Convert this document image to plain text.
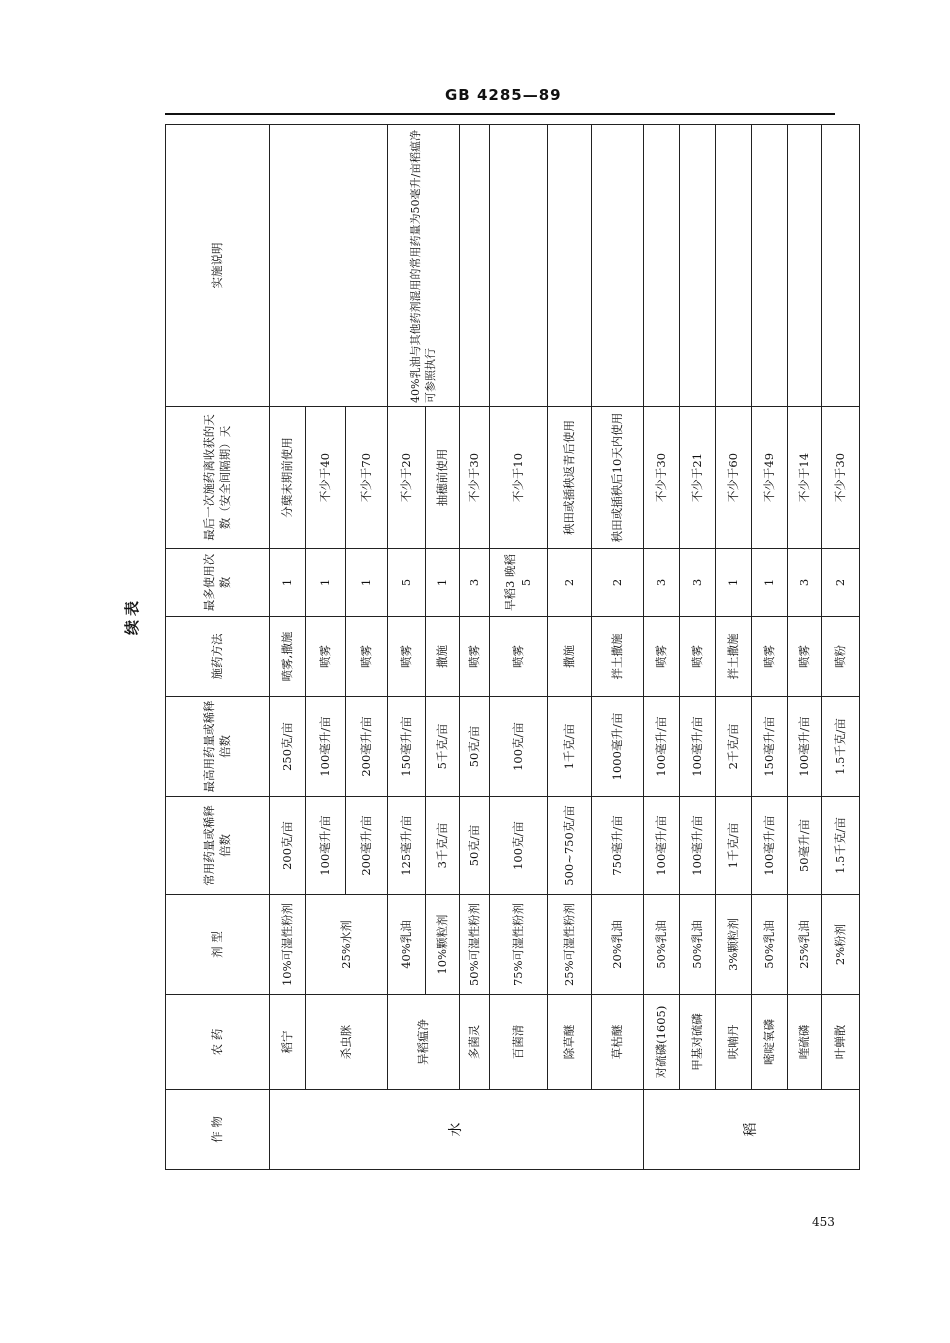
GB 4285—89
续表
作 物	农 药	剂 型	常用药量或稀释倍数	最高用药量或稀释倍数	施药方法	最多使用次数	最后一次施药离收获的天数（安全间隔期）天	实施说明
水	稻宁	10%可湿性粉剂	200克/亩	250克/亩	喷雾,撒施	1	分蘖末期前使用	
	杀虫脒	25%水剂	100毫升/亩	100毫升/亩	喷雾	1	不少于40	
			200毫升/亩	200毫升/亩	喷雾	1	不少于70	
	异稻瘟净	40%乳油	125毫升/亩	150毫升/亩	喷雾	5	不少于20	40%乳油与其他药剂混用的常用药量为50毫升/亩稻瘟净可参照执行
		10%颗粒剂	3千克/亩	5千克/亩	撒施	1	抽穗前使用	
	多菌灵	50%可湿性粉剂	50克/亩	50克/亩	喷雾	3	不少于30	
	百菌清	75%可湿性粉剂	100克/亩	100克/亩	喷雾	早稻3 晚稻5	不少于10	
	除草醚	25%可湿性粉剂	500~750克/亩	1千克/亩	撒施	2	秧田或插秧返青后使用	
	草枯醚	20%乳油	750毫升/亩	1000毫升/亩	拌土撒施	2	秧田或插秧后10天内使用	
稻	对硫磷(1605)	50%乳油	100毫升/亩	100毫升/亩	喷雾	3	不少于30	
	甲基对硫磷	50%乳油	100毫升/亩	100毫升/亩	喷雾	3	不少于21	
	呋喃丹	3%颗粒剂	1千克/亩	2千克/亩	拌土撒施	1	不少于60	
	嘧啶氧磷	50%乳油	100毫升/亩	150毫升/亩	喷雾	1	不少于49	
	喹硫磷	25%乳油	50毫升/亩	100毫升/亩	喷雾	3	不少于14	
	叶蝉散	2%粉剂	1.5千克/亩	1.5千克/亩	喷粉	2	不少于30	
453
